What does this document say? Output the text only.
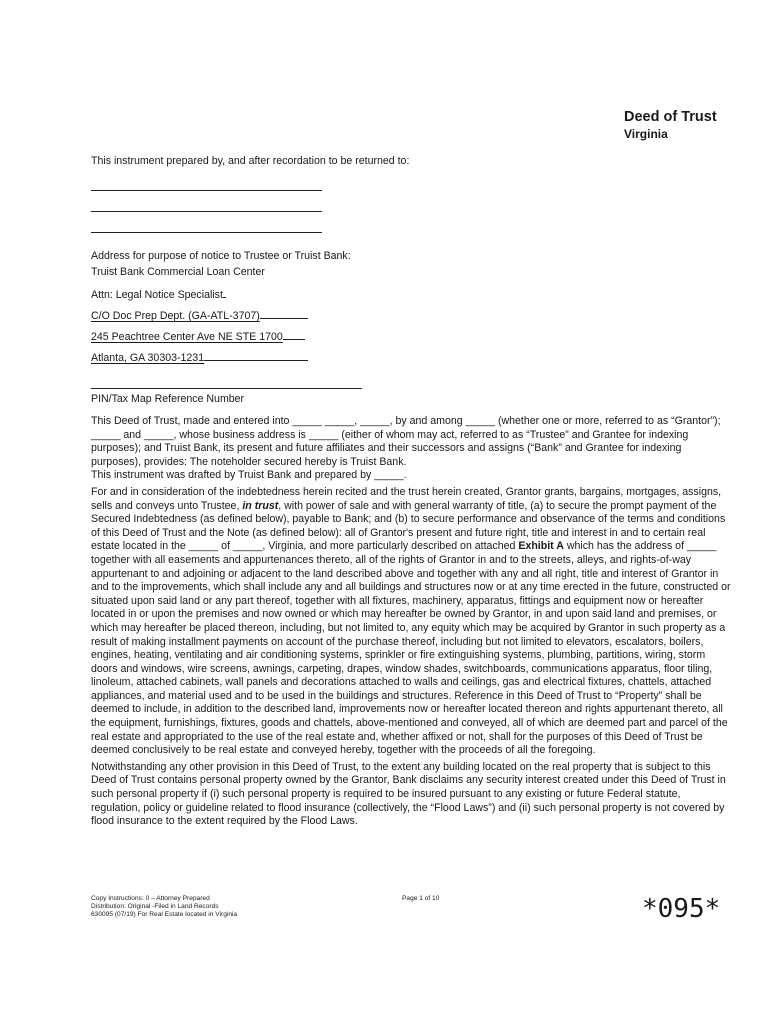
Deed of Trust

Virginia

This instrument prepared by, and after recordation to be returned to:
Address for purpose of notice to Trustee or Truist Bank:
Truist Bank Commercial Loan Center
Attn: Legal Notice Specialist
C/O Doc Prep Dept. (GA-ATL-3707)
245 Peachtree Center Ave NE STE 1700
Atlanta, GA 30303-1231
PIN/Tax Map Reference Number

This Deed of Trust, made and entered into _____ _____, _____, by and among _____ (whether one or more, referred to as “Grantor”); _____ and _____, whose business address is _____ (either of whom may act, referred to as “Trustee” and Grantee for indexing purposes); and Truist Bank, its present and future affiliates and their successors and assigns (“Bank” and Grantee for indexing purposes), provides: The noteholder secured hereby is Truist Bank.
This instrument was drafted by Truist Bank and prepared by _____.

For and in consideration of the indebtedness herein recited and the trust herein created, Grantor grants, bargains, mortgages, assigns, sells and conveys unto Trustee, in trust, with power of sale and with general warranty of title, (a) to secure the prompt payment of the Secured Indebtedness (as defined below), payable to Bank; and (b) to secure performance and observance of the terms and conditions of this Deed of Trust and the Note (as defined below): all of Grantor's present and future right, title and interest in and to certain real estate located in the _____ of _____, Virginia, and more particularly described on attached Exhibit A which has the address of _____ together with all easements and appurtenances thereto, all of the rights of Grantor in and to the streets, alleys, and rights-of-way appurtenant to and adjoining or adjacent to the land described above and together with any and all right, title and interest of Grantor in and to the improvements, which shall include any and all buildings and structures now or at any time erected in the future, constructed or situated upon said land or any part thereof, together with all fixtures, machinery, apparatus, fittings and equipment now or hereafter located in or upon the premises and now owned or which may hereafter be owned by Grantor, in and upon said land and premises, or which may hereafter be placed thereon, including, but not limited to, any equity which may be acquired by Grantor in such property as a result of making installment payments on account of the purchase thereof, including but not limited to elevators, escalators, boilers, engines, heating, ventilating and air conditioning systems, sprinkler or fire extinguishing systems, plumbing, partitions, wiring, storm doors and windows, wire screens, awnings, carpeting, drapes, window shades, switchboards, communications apparatus, floor tiling, linoleum, attached cabinets, wall panels and decorations attached to walls and ceilings, gas and electrical fixtures, chattels, attached appliances, and material used and to be used in the buildings and structures. Reference in this Deed of Trust to “Property” shall be deemed to include, in addition to the described land, improvements now or hereafter located thereon and rights appurtenant thereto, all the equipment, furnishings, fixtures, goods and chattels, above-mentioned and conveyed, all of which are deemed part and parcel of the real estate and appropriated to the use of the real estate and, whether affixed or not, shall for the purposes of this Deed of Trust be deemed conclusively to be real estate and conveyed hereby, together with the proceeds of all the foregoing.

Notwithstanding any other provision in this Deed of Trust, to the extent any building located on the real property that is subject to this Deed of Trust contains personal property owned by the Grantor, Bank disclaims any security interest created under this Deed of Trust in such personal property if (i) such personal property is required to be insured pursuant to any existing or future Federal statute, regulation, policy or guideline related to flood insurance (collectively, the “Flood Laws”) and (ii) such personal property is not covered by flood insurance to the extent required by the Flood Laws.

Copy Instructions: 0 – Attorney Prepared
Distribution: Original -Filed in Land Records
630095 (07/19) For Real Estate located in Virginia
Page 1 of 10	*095*
